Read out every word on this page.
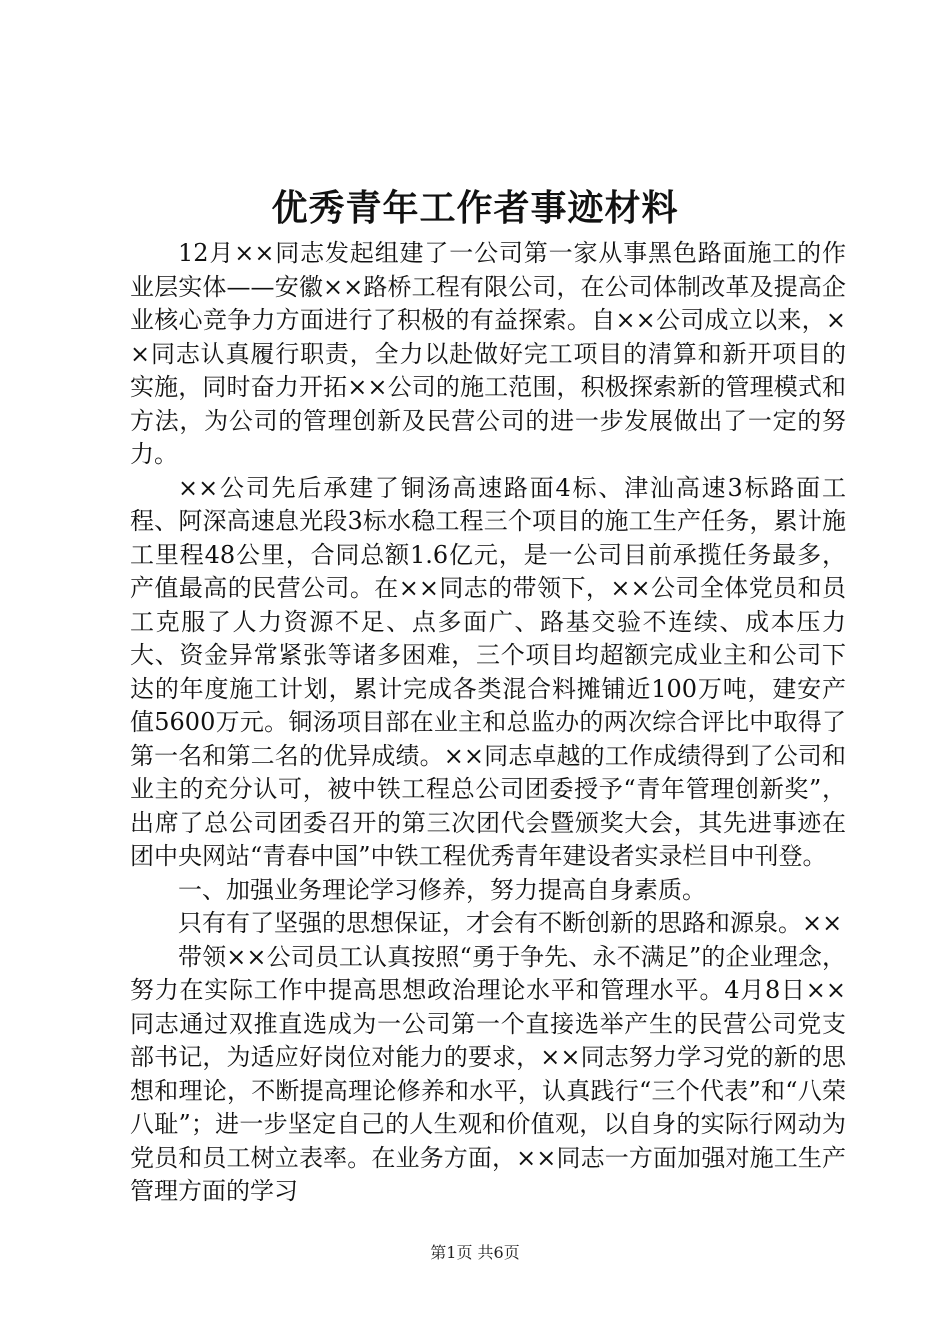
优秀青年工作者事迹材料

12月××同志发起组建了一公司第一家从事黑色路面施工的作业层实体——安徽××路桥工程有限公司，在公司体制改革及提高企业核心竞争力方面进行了积极的有益探索。自××公司成立以来，××同志认真履行职责，全力以赴做好完工项目的清算和新开项目的实施，同时奋力开拓××公司的施工范围，积极探索新的管理模式和方法，为公司的管理创新及民营公司的进一步发展做出了一定的努力。

××公司先后承建了铜汤高速路面4标、津汕高速3标路面工程、阿深高速息光段3标水稳工程三个项目的施工生产任务，累计施工里程48公里，合同总额1.6亿元，是一公司目前承揽任务最多，产值最高的民营公司。在××同志的带领下，××公司全体党员和员工克服了人力资源不足、点多面广、路基交验不连续、成本压力大、资金异常紧张等诸多困难，三个项目均超额完成业主和公司下达的年度施工计划，累计完成各类混合料摊铺近100万吨，建安产值5600万元。铜汤项目部在业主和总监办的两次综合评比中取得了第一名和第二名的优异成绩。××同志卓越的工作成绩得到了公司和业主的充分认可，被中铁工程总公司团委授予“青年管理创新奖”，出席了总公司团委召开的第三次团代会暨颁奖大会，其先进事迹在团中央网站“青春中国”中铁工程优秀青年建设者实录栏目中刊登。

一、加强业务理论学习修养，努力提高自身素质。

只有有了坚强的思想保证，才会有不断创新的思路和源泉。××

带领××公司员工认真按照“勇于争先、永不满足”的企业理念，努力在实际工作中提高思想政治理论水平和管理水平。4月8日××同志通过双推直选成为一公司第一个直接选举产生的民营公司党支部书记，为适应好岗位对能力的要求，××同志努力学习党的新的思想和理论，不断提高理论修养和水平，认真践行“三个代表”和“八荣八耻”；进一步坚定自己的人生观和价值观，以自身的实际行网动为党员和员工树立表率。在业务方面，××同志一方面加强对施工生产管理方面的学习

第1页 共6页
